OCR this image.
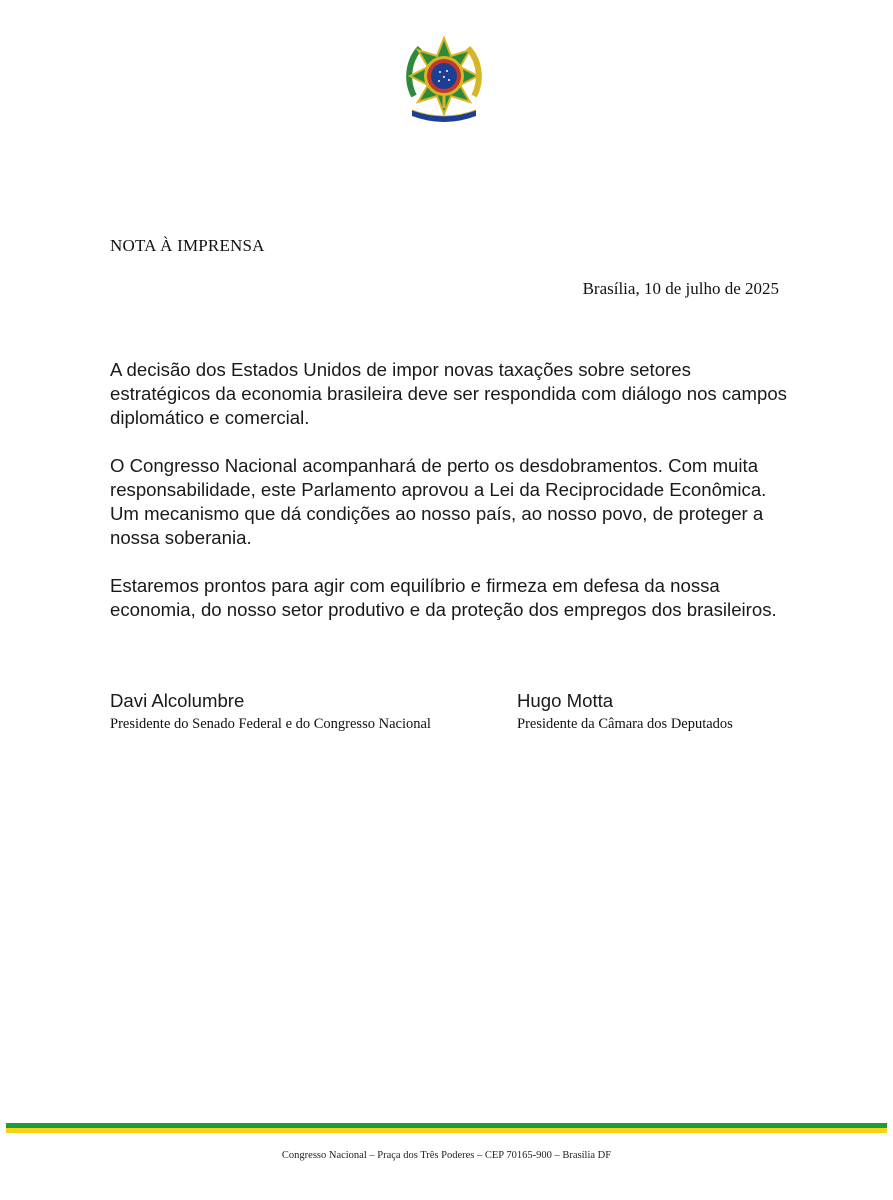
NOTA À IMPRENSA
Brasília, 10 de julho de 2025

A decisão dos Estados Unidos de impor novas taxações sobre setores estratégicos da economia brasileira deve ser respondida com diálogo nos campos diplomático e comercial.

O Congresso Nacional acompanhará de perto os desdobramentos. Com muita responsabilidade, este Parlamento aprovou a Lei da Reciprocidade Econômica. Um mecanismo que dá condições ao nosso país, ao nosso povo, de proteger a nossa soberania.

Estaremos prontos para agir com equilíbrio e firmeza em defesa da nossa economia, do nosso setor produtivo e da proteção dos empregos dos brasileiros.

Davi Alcolumbre
Presidente do Senado Federal e do Congresso Nacional
Hugo Motta
Presidente da Câmara dos Deputados
Congresso Nacional – Praça dos Três Poderes – CEP 70165-900 – Brasília DF
